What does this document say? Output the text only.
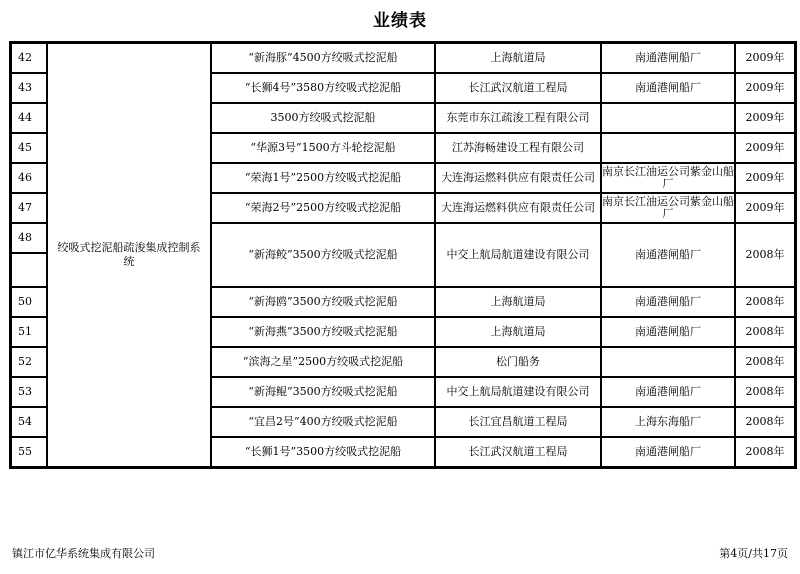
业绩表
42	绞吸式挖泥船疏浚集成控制系统	“新海豚”4500方绞吸式挖泥船	上海航道局	南通港闸船厂	2009年
43		“长狮4号”3580方绞吸式挖泥船	长江武汉航道工程局	南通港闸船厂	2009年
44		3500方绞吸式挖泥船	东莞市东江疏浚工程有限公司		2009年
45		“华源3号”1500方斗轮挖泥船	江苏海畅建设工程有限公司		2009年
46		“荣海1号”2500方绞吸式挖泥船	大连海运燃料供应有限责任公司	南京长江油运公司紫金山船厂	2009年
47		“荣海2号”2500方绞吸式挖泥船	大连海运燃料供应有限责任公司	南京长江油运公司紫金山船厂	2009年
48		“新海鲛”3500方绞吸式挖泥船	中交上航局航道建设有限公司	南通港闸船厂	2008年

50		“新海鸥”3500方绞吸式挖泥船	上海航道局	南通港闸船厂	2008年
51		“新海燕”3500方绞吸式挖泥船	上海航道局	南通港闸船厂	2008年
52		“滨海之星”2500方绞吸式挖泥船	松门船务		2008年
53		“新海鲲”3500方绞吸式挖泥船	中交上航局航道建设有限公司	南通港闸船厂	2008年
54		“宜昌2号”400方绞吸式挖泥船	长江宜昌航道工程局	上海东海船厂	2008年
55		“长狮1号”3500方绞吸式挖泥船	长江武汉航道工程局	南通港闸船厂	2008年
镇江市亿华系统集成有限公司	第4页/共17页
